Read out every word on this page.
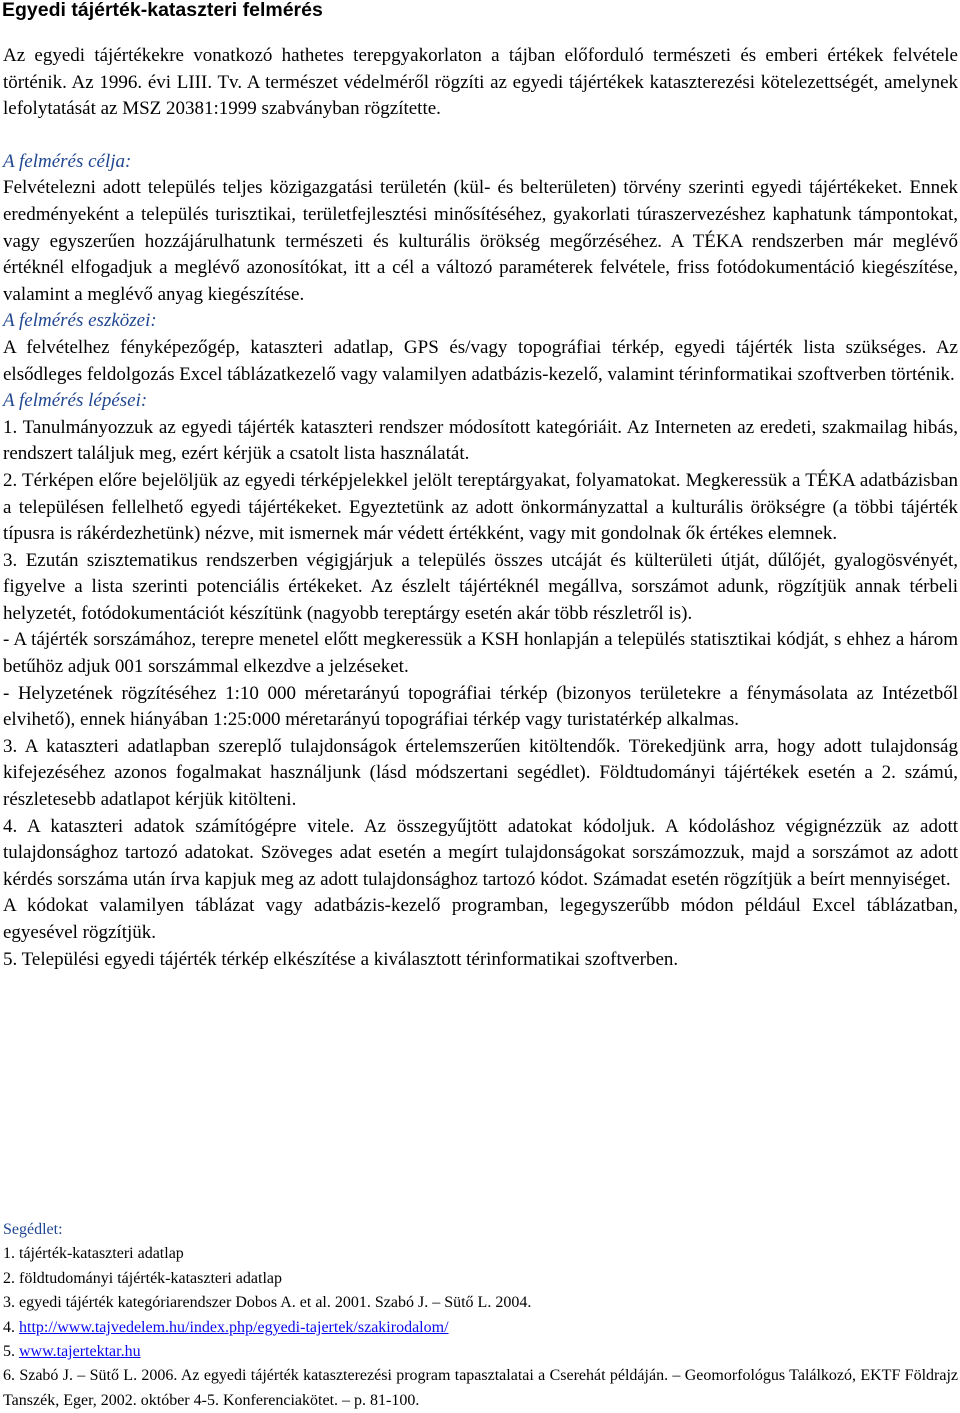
Egyedi tájérték-kataszteri felmérés

Az egyedi tájértékekre vonatkozó hathetes terepgyakorlaton a tájban előforduló természeti és emberi értékek felvétele történik. Az 1996. évi LIII. Tv. A természet védelméről rögzíti az egyedi tájértékek kataszterezési kötelezettségét, amelynek lefolytatását az MSZ 20381:1999 szabványban rögzítette.

A felmérés célja:

Felvételezni adott település teljes közigazgatási területén (kül- és belterületen) törvény szerinti egyedi tájértékeket. Ennek eredményeként a település turisztikai, területfejlesztési minősítéséhez, gyakorlati túraszervezéshez kaphatunk támpontokat, vagy egyszerűen hozzájárulhatunk természeti és kulturális örökség megőrzéséhez. A TÉKA rendszerben már meglévő értéknél elfogadjuk a meglévő azonosítókat, itt a cél a változó paraméterek felvétele, friss fotódokumentáció kiegészítése, valamint a meglévő anyag kiegészítése.

A felmérés eszközei:

A felvételhez fényképezőgép, kataszteri adatlap, GPS és/vagy topográfiai térkép, egyedi tájérték lista szükséges. Az elsődleges feldolgozás Excel táblázatkezelő vagy valamilyen adatbázis-kezelő, valamint térinformatikai szoftverben történik.

A felmérés lépései:

1. Tanulmányozzuk az egyedi tájérték kataszteri rendszer módosított kategóriáit. Az Interneten az eredeti, szakmailag hibás, rendszert találjuk meg, ezért kérjük a csatolt lista használatát.

2. Térképen előre bejelöljük az egyedi térképjelekkel jelölt tereptárgyakat, folyamatokat. Megkeressük a TÉKA adatbázisban a településen fellelhető egyedi tájértékeket. Egyeztetünk az adott önkormányzattal a kulturális örökségre (a többi tájérték típusra is rákérdezhetünk) nézve, mit ismernek már védett értékként, vagy mit gondolnak ők értékes elemnek.

3. Ezután szisztematikus rendszerben végigjárjuk a település összes utcáját és külterületi útját, dűlőjét, gyalogösvényét, figyelve a lista szerinti potenciális értékeket. Az észlelt tájértéknél megállva, sorszámot adunk, rögzítjük annak térbeli helyzetét, fotódokumentációt készítünk (nagyobb tereptárgy esetén akár több részletről is).

- A tájérték sorszámához, terepre menetel előtt megkeressük a KSH honlapján a település statisztikai kódját, s ehhez a három betűhöz adjuk 001 sorszámmal elkezdve a jelzéseket.

- Helyzetének rögzítéséhez 1:10 000 méretarányú topográfiai térkép (bizonyos területekre a fénymásolata az Intézetből elvihető), ennek hiányában 1:25:000 méretarányú topográfiai térkép vagy turistatérkép alkalmas.

3. A kataszteri adatlapban szereplő tulajdonságok értelemszerűen kitöltendők. Törekedjünk arra, hogy adott tulajdonság kifejezéséhez azonos fogalmakat használjunk (lásd módszertani segédlet). Földtudományi tájértékek esetén a 2. számú, részletesebb adatlapot kérjük kitölteni.

4. A kataszteri adatok számítógépre vitele. Az összegyűjtött adatokat kódoljuk. A kódoláshoz végignézzük az adott tulajdonsághoz tartozó adatokat. Szöveges adat esetén a megírt tulajdonságokat sorszámozzuk, majd a sorszámot az adott kérdés sorszáma után írva kapjuk meg az adott tulajdonsághoz tartozó kódot. Számadat esetén rögzítjük a beírt mennyiséget.

A kódokat valamilyen táblázat vagy adatbázis-kezelő programban, legegyszerűbb módon például Excel táblázatban, egyesével rögzítjük.

5. Települési egyedi tájérték térkép elkészítése a kiválasztott térinformatikai szoftverben.

Segédlet:

1. tájérték-kataszteri adatlap

2. földtudományi tájérték-kataszteri adatlap

3. egyedi tájérték kategóriarendszer Dobos A. et al. 2001. Szabó J. – Sütő L. 2004.

4. http://www.tajvedelem.hu/index.php/egyedi-tajertek/szakirodalom/

5. www.tajertektar.hu

6. Szabó J. – Sütő L. 2006. Az egyedi tájérték kataszterezési program tapasztalatai a Cserehát példáján. – Geomorfológus Találkozó, EKTF Földrajz Tanszék, Eger, 2002. október 4-5. Konferenciakötet. – p. 81-100.
